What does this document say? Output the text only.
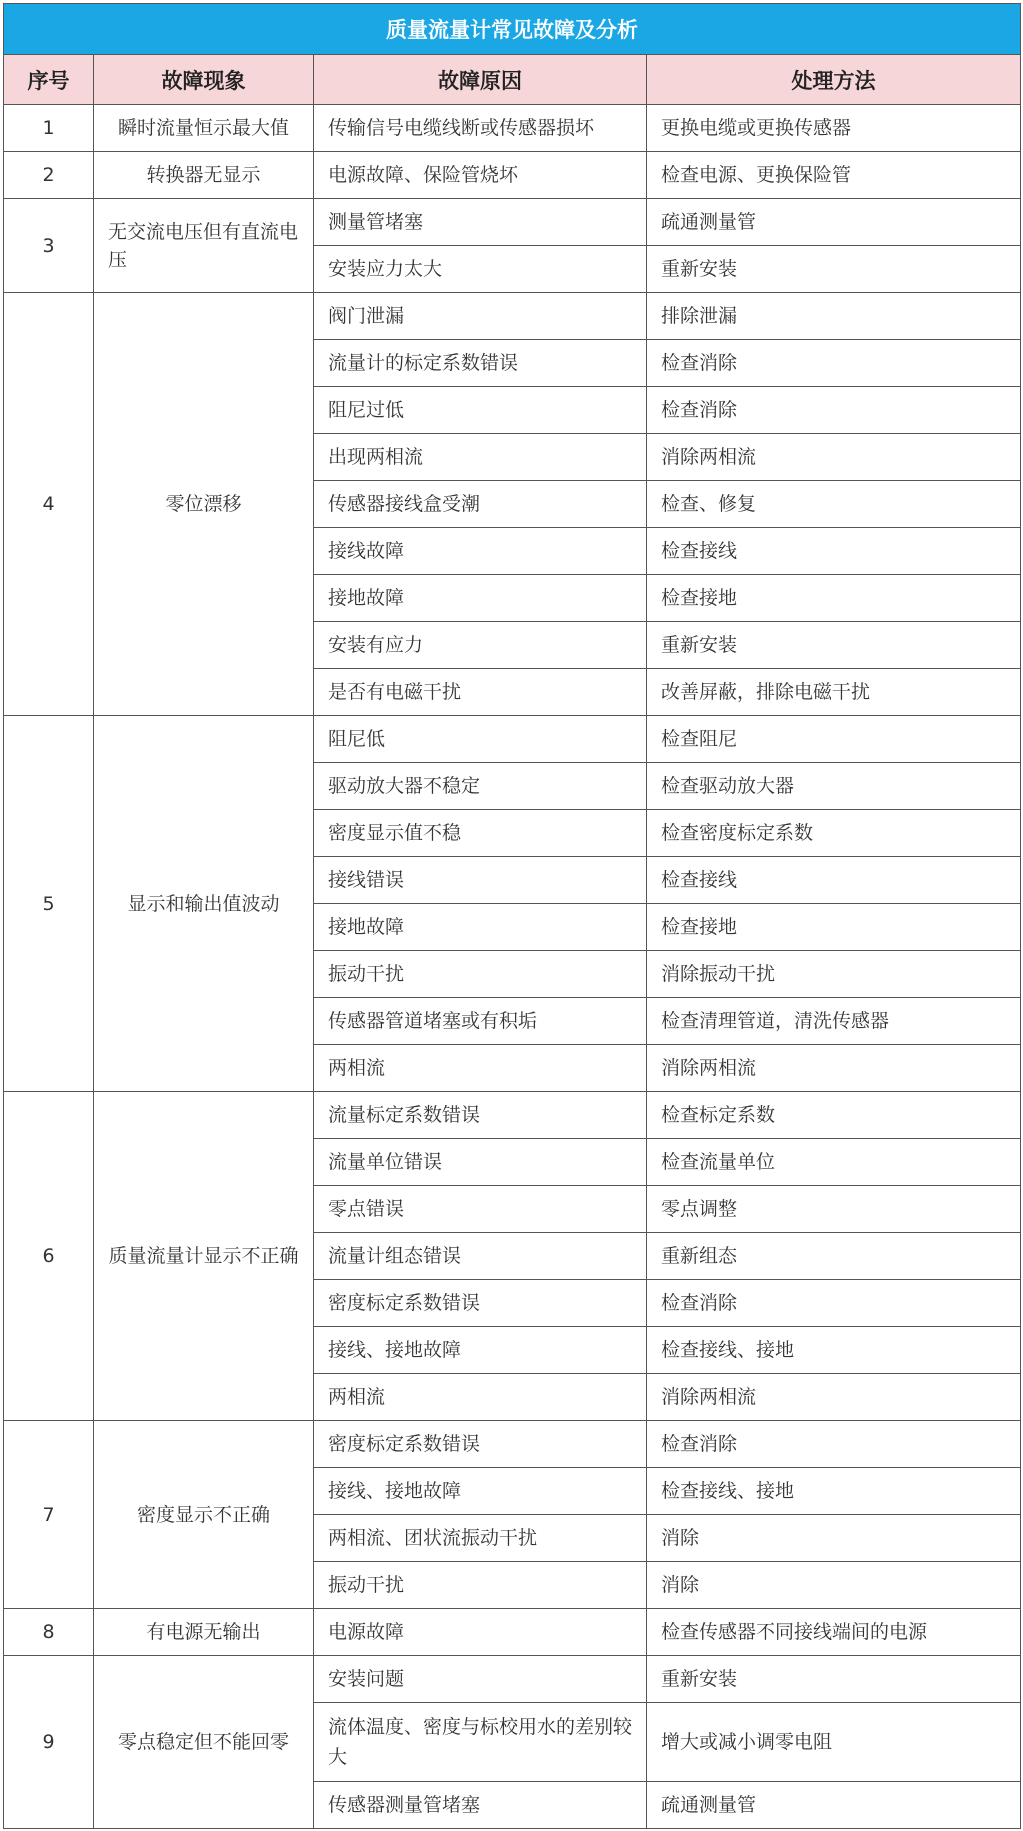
质量流量计常见故障及分析			
序号	故障现象	故障原因	处理方法
1	瞬时流量恒示最大值	传输信号电缆线断或传感器损坏	更换电缆或更换传感器
2	转换器无显示	电源故障、保险管烧坏	检查电源、更换保险管
3	无交流电压但有直流电压	测量管堵塞	疏通测量管
		安装应力太大	重新安装
4	零位漂移	阀门泄漏	排除泄漏
		流量计的标定系数错误	检查消除
		阻尼过低	检查消除
		出现两相流	消除两相流
		传感器接线盒受潮	检查、修复
		接线故障	检查接线
		接地故障	检查接地
		安装有应力	重新安装
		是否有电磁干扰	改善屏蔽，排除电磁干扰
5	显示和输出值波动	阻尼低	检查阻尼
		驱动放大器不稳定	检查驱动放大器
		密度显示值不稳	检查密度标定系数
		接线错误	检查接线
		接地故障	检查接地
		振动干扰	消除振动干扰
		传感器管道堵塞或有积垢	检查清理管道，清洗传感器
		两相流	消除两相流
6	质量流量计显示不正确	流量标定系数错误	检查标定系数
		流量单位错误	检查流量单位
		零点错误	零点调整
		流量计组态错误	重新组态
		密度标定系数错误	检查消除
		接线、接地故障	检查接线、接地
		两相流	消除两相流
7	密度显示不正确	密度标定系数错误	检查消除
		接线、接地故障	检查接线、接地
		两相流、团状流振动干扰	消除
		振动干扰	消除
8	有电源无输出	电源故障	检查传感器不同接线端间的电源
9	零点稳定但不能回零	安装问题	重新安装
		流体温度、密度与标校用水的差别较大	增大或减小调零电阻
		传感器测量管堵塞	疏通测量管
